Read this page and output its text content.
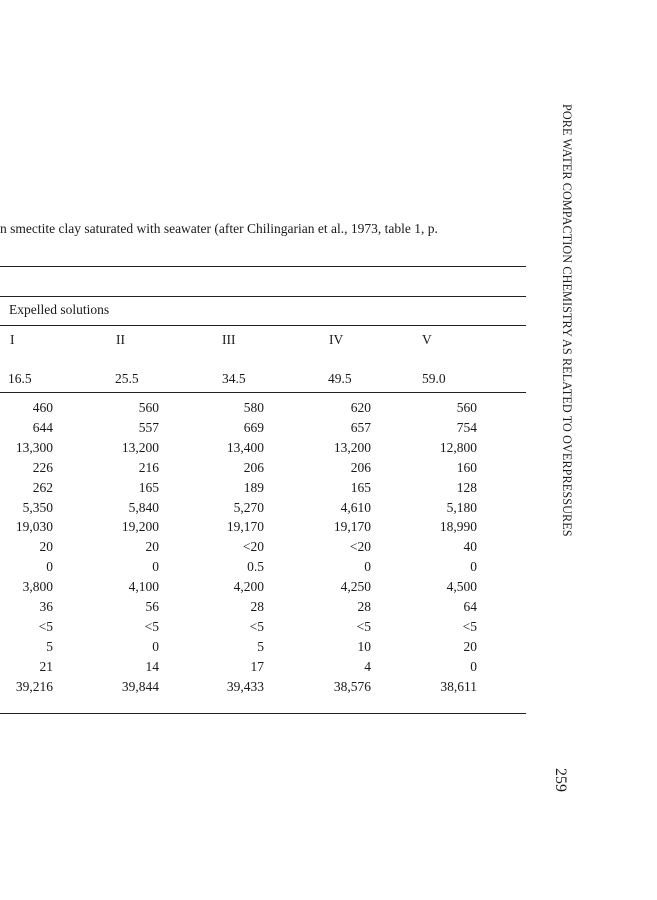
n smectite clay saturated with seawater (after Chilingarian et al., 1973, table 1, p.
Expelled solutions
I	II	III	IV	V
16.5	25.5	34.5	49.5	59.0
460	560	580	620	560
644	557	669	657	754
13,300	13,200	13,400	13,200	12,800
226	216	206	206	160
262	165	189	165	128
5,350	5,840	5,270	4,610	5,180
19,030	19,200	19,170	19,170	18,990
20	20	<20	<20	40
0	0	0.5	0	0
3,800	4,100	4,200	4,250	4,500
36	56	28	28	64
<5	<5	<5	<5	<5
5	0	5	10	20
21	14	17	4	0
39,216	39,844	39,433	38,576	38,611
PORE WATER COMPACTION CHEMISTRY AS RELATED TO OVERPRESSURES
259
